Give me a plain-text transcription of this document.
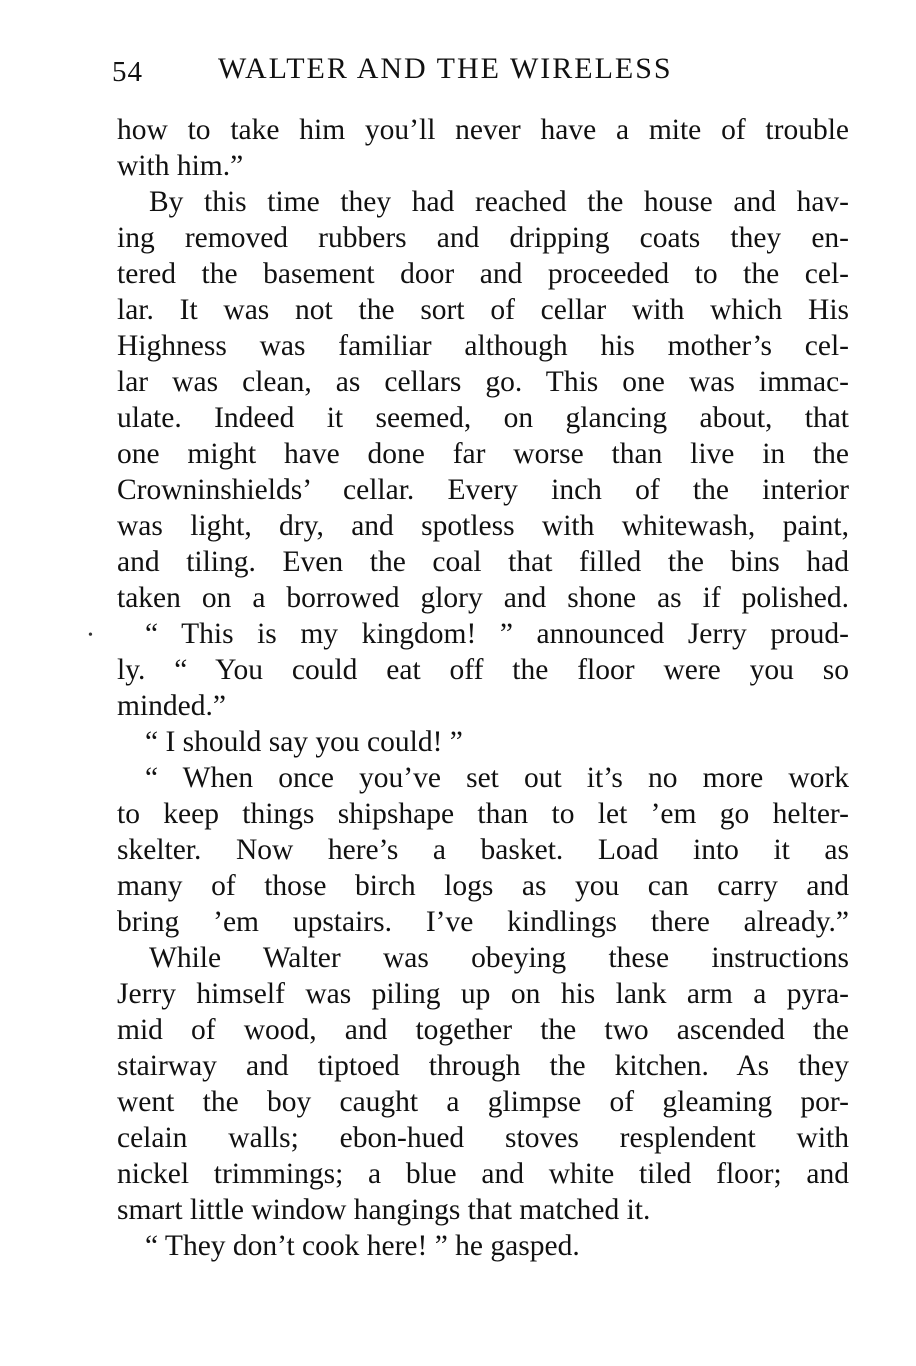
54	WALTER AND THE WIRELESS
•
how to take him you’ll never have a mite of trouble
with him.”
By this time they had reached the house and hav-
ing removed rubbers and dripping coats they en-
tered the basement door and proceeded to the cel-
lar. It was not the sort of cellar with which His
Highness was familiar although his mother’s cel-
lar was clean, as cellars go. This one was immac-
ulate. Indeed it seemed, on glancing about, that
one might have done far worse than live in the
Crowninshields’ cellar. Every inch of the interior
was light, dry, and spotless with whitewash, paint,
and tiling. Even the coal that filled the bins had
taken on a borrowed glory and shone as if polished.
“ This is my kingdom! ” announced Jerry proud-
ly. “ You could eat off the floor were you so
minded.”
“ I should say you could! ”
“ When once you’ve set out it’s no more work
to keep things shipshape than to let ’em go helter-
skelter. Now here’s a basket. Load into it as
many of those birch logs as you can carry and
bring ’em upstairs. I’ve kindlings there already.”
While Walter was obeying these instructions
Jerry himself was piling up on his lank arm a pyra-
mid of wood, and together the two ascended the
stairway and tiptoed through the kitchen. As they
went the boy caught a glimpse of gleaming por-
celain walls; ebon-hued stoves resplendent with
nickel trimmings; a blue and white tiled floor; and
smart little window hangings that matched it.
“ They don’t cook here! ” he gasped.
